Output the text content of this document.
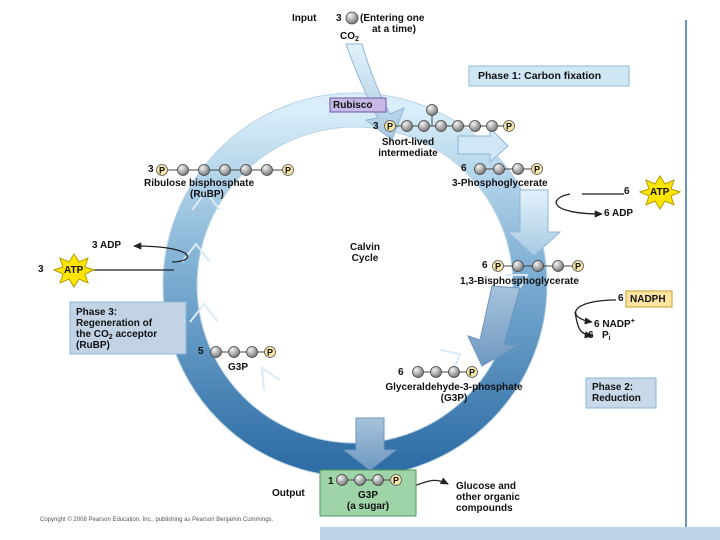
P	P
P	P	P
P	P
P
P
P
Input 3 (Entering one
at a time)
$CO_2$
Rubisco
3
Short-lived
intermediate
Phase 1: Carbon fixation
6
3-Phosphoglycerate
6 ATP
6 ADP
6
1,3-Bisphosphoglycerate
6 NADPH
6 NADP+
6 $P_i$
Phase 2:
Reduction
6
Glyceraldehyde-3-phosphate
(G3P)
5
G3P
3
Ribulose bisphosphate
(RuBP)
3 ADP
3 ATP
Phase 3:
Regeneration of
the $CO_2$ acceptor
(RuBP)
Calvin
Cycle
Output
1
G3P
(a sugar)
Glucose and
other organic
compounds
Copyright © 2008 Pearson Education, Inc., publishing as Pearson Benjamin Cummings.
